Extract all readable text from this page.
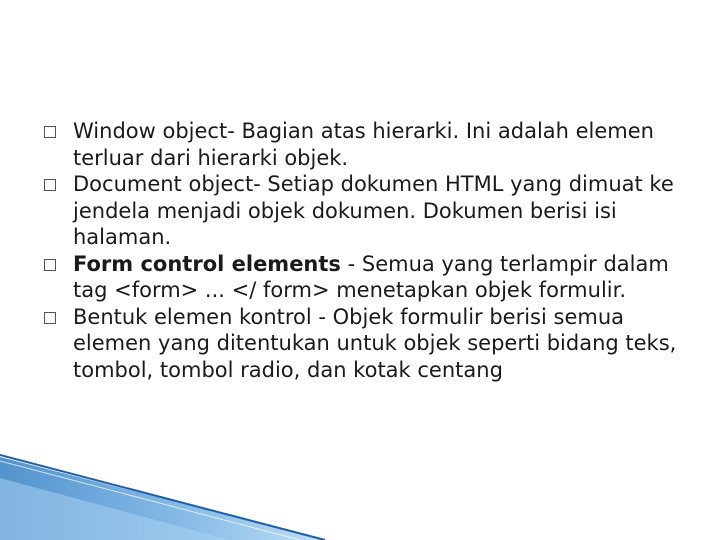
Window object- Bagian atas hierarki. Ini adalah elemen terluar dari hierarki objek.
Document object- Setiap dokumen HTML yang dimuat ke jendela menjadi objek dokumen. Dokumen berisi isi halaman.
Form control elements - Semua yang terlampir dalam tag <form> ... </ form> menetapkan objek formulir.
Bentuk elemen kontrol - Objek formulir berisi semua elemen yang ditentukan untuk objek seperti bidang teks, tombol, tombol radio, dan kotak centang
